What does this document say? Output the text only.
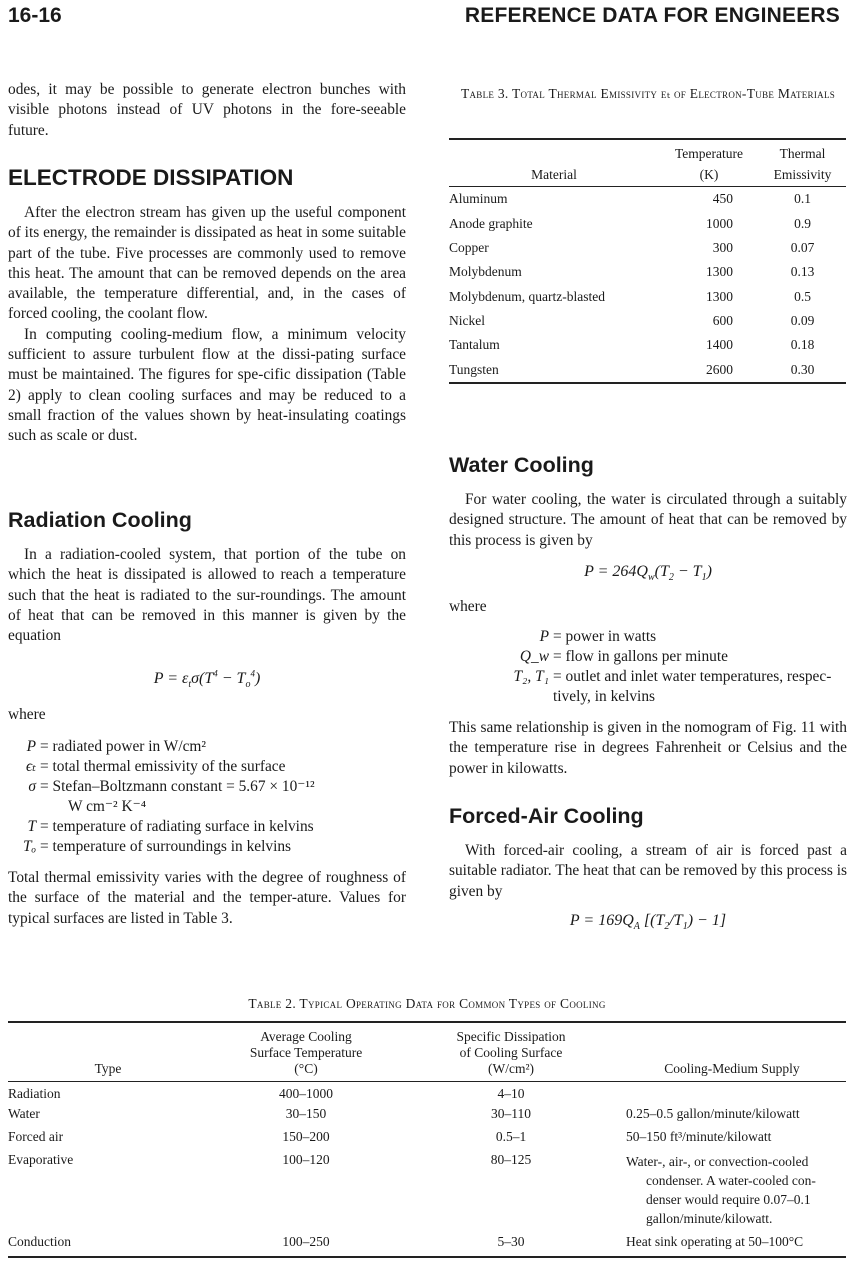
16-16	REFERENCE DATA FOR ENGINEERS

odes, it may be possible to generate electron bunches with visible photons instead of UV photons in the fore-seeable future.

ELECTRODE DISSIPATION

After the electron stream has given up the useful component of its energy, the remainder is dissipated as heat in some suitable part of the tube. Five processes are commonly used to remove this heat. The amount that can be removed depends on the area available, the temperature differential, and, in the cases of forced cooling, the coolant flow.

In computing cooling-medium flow, a minimum velocity sufficient to assure turbulent flow at the dissi-pating surface must be maintained. The figures for spe-cific dissipation (Table 2) apply to clean cooling surfaces and may be reduced to a small fraction of the values shown by heat-insulating coatings such as scale or dust.

Radiation Cooling

In a radiation-cooled system, that portion of the tube on which the heat is dissipated is allowed to reach a temperature such that the heat is radiated to the sur-roundings. The amount of heat that can be removed in this manner is given by the equation

$P = \varepsilon_t\sigma(T^4 - T_o^4)$
where
P = radiated power in W/cm²
ϵₜ = total thermal emissivity of the surface
σ = Stefan–Boltzmann constant = 5.67 × 10⁻¹²
W cm⁻² K⁻⁴
T = temperature of radiating surface in kelvins
Tₒ = temperature of surroundings in kelvins

Total thermal emissivity varies with the degree of roughness of the surface of the material and the temper-ature. Values for typical surfaces are listed in Table 3.

Table 3. Total Thermal Emissivity ϵₜ of Electron-Tube Materials
	Temperature	Thermal
Material	(K)	Emissivity
Aluminum	450	0.1
Anode graphite	1000	0.9
Copper	300	0.07
Molybdenum	1300	0.13
Molybdenum, quartz-blasted	1300	0.5
Nickel	600	0.09
Tantalum	1400	0.18
Tungsten	2600	0.30
Water Cooling

For water cooling, the water is circulated through a suitably designed structure. The amount of heat that can be removed by this process is given by

$P = 264Q_w(T_2 - T_1)$
where
P = power in watts
Q_w = flow in gallons per minute
T₂, T₁ = outlet and inlet water temperatures, respec-tively, in kelvins

This same relationship is given in the nomogram of Fig. 11 with the temperature rise in degrees Fahrenheit or Celsius and the power in kilowatts.

Forced-Air Cooling

With forced-air cooling, a stream of air is forced past a suitable radiator. The heat that can be removed by this process is given by

$P = 169Q_A$ $[(T_2/T_1) - 1]$
Table 2. Typical Operating Data for Common Types of Cooling
	Average Cooling	Specific Dissipation	
	Surface Temperature	of Cooling Surface	
Type	(°C)	(W/cm²)	Cooling-Medium Supply
Radiation	400–1000	4–10	
Water	30–150	30–110	0.25–0.5 gallon/minute/kilowatt
Forced air	150–200	0.5–1	50–150 ft³/minute/kilowatt
Evaporative	100–120	80–125	Water-, air-, or convection-cooled condenser. A water-cooled con-denser would require 0.07–0.1 gallon/minute/kilowatt.

Conduction	100–250	5–30	Heat sink operating at 50–100°C
